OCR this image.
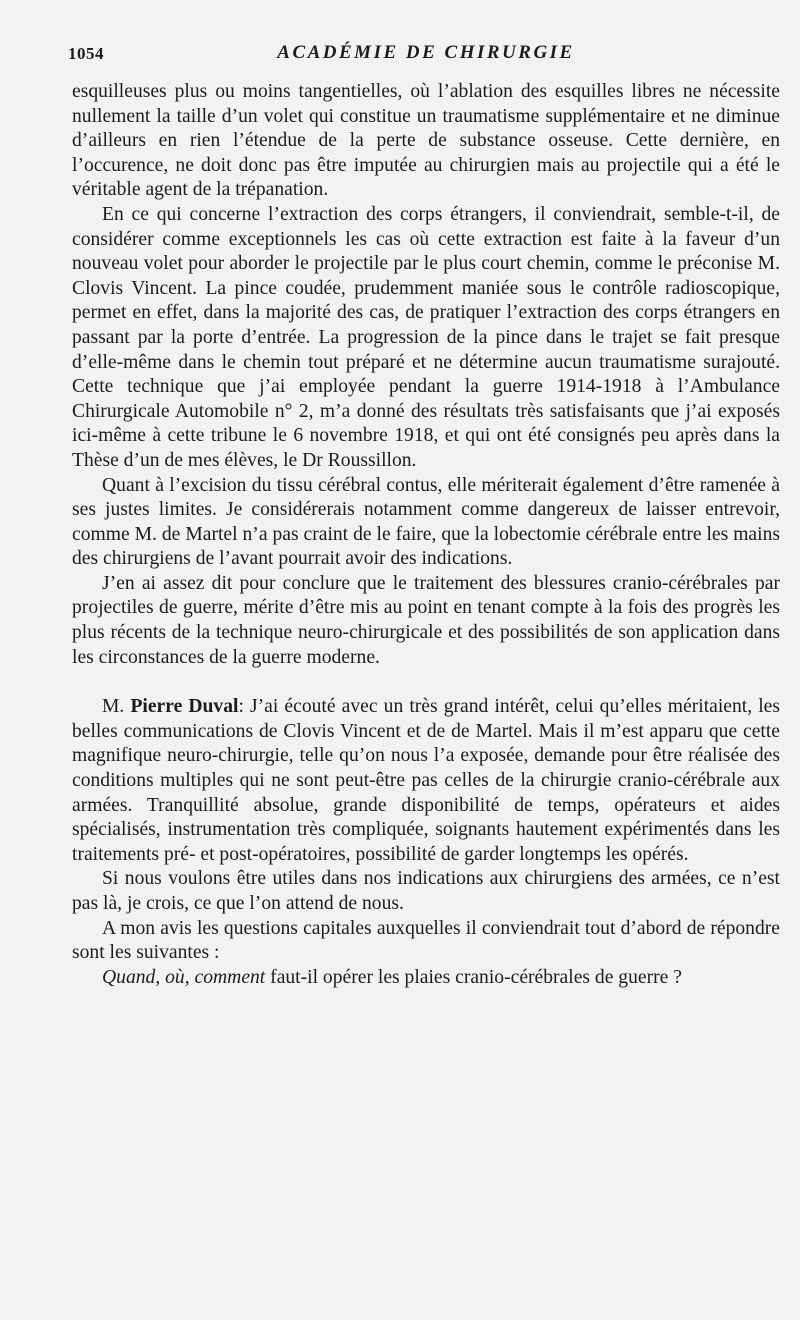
1054	ACADÉMIE DE CHIRURGIE

esquilleuses plus ou moins tangentielles, où l’ablation des esquilles libres ne nécessite nullement la taille d’un volet qui constitue un traumatisme supplémentaire et ne diminue d’ailleurs en rien l’étendue de la perte de substance osseuse. Cette dernière, en l’occurence, ne doit donc pas être imputée au chirurgien mais au projectile qui a été le véritable agent de la trépanation.

En ce qui concerne l’extraction des corps étrangers, il conviendrait, semble-t-il, de considérer comme exceptionnels les cas où cette extraction est faite à la faveur d’un nouveau volet pour aborder le projectile par le plus court chemin, comme le préconise M. Clovis Vincent. La pince coudée, prudemment maniée sous le contrôle radioscopique, permet en effet, dans la majorité des cas, de pratiquer l’extraction des corps étrangers en passant par la porte d’entrée. La progression de la pince dans le trajet se fait presque d’elle-même dans le chemin tout préparé et ne détermine aucun traumatisme surajouté. Cette technique que j’ai employée pendant la guerre 1914-1918 à l’Ambulance Chirurgicale Automobile n° 2, m’a donné des résultats très satisfaisants que j’ai exposés ici-même à cette tribune le 6 novembre 1918, et qui ont été consignés peu après dans la Thèse d’un de mes élèves, le Dr Roussillon.

Quant à l’excision du tissu cérébral contus, elle mériterait également d’être ramenée à ses justes limites. Je considérerais notamment comme dangereux de laisser entrevoir, comme M. de Martel n’a pas craint de le faire, que la lobectomie cérébrale entre les mains des chirurgiens de l’avant pourrait avoir des indications.

J’en ai assez dit pour conclure que le traitement des blessures cranio-cérébrales par projectiles de guerre, mérite d’être mis au point en tenant compte à la fois des progrès les plus récents de la technique neuro-chirurgicale et des possibilités de son application dans les circonstances de la guerre moderne.

M. Pierre Duval: J’ai écouté avec un très grand intérêt, celui qu’elles méritaient, les belles communications de Clovis Vincent et de de Martel. Mais il m’est apparu que cette magnifique neuro-chirurgie, telle qu’on nous l’a exposée, demande pour être réalisée des conditions multiples qui ne sont peut-être pas celles de la chirurgie cranio-cérébrale aux armées. Tranquillité absolue, grande disponibilité de temps, opérateurs et aides spécialisés, instrumentation très compliquée, soignants hautement expérimentés dans les traitements pré- et post-opératoires, possibilité de garder longtemps les opérés.

Si nous voulons être utiles dans nos indications aux chirurgiens des armées, ce n’est pas là, je crois, ce que l’on attend de nous.

A mon avis les questions capitales auxquelles il conviendrait tout d’abord de répondre sont les suivantes :

Quand, où, comment faut-il opérer les plaies cranio-cérébrales de guerre ?
